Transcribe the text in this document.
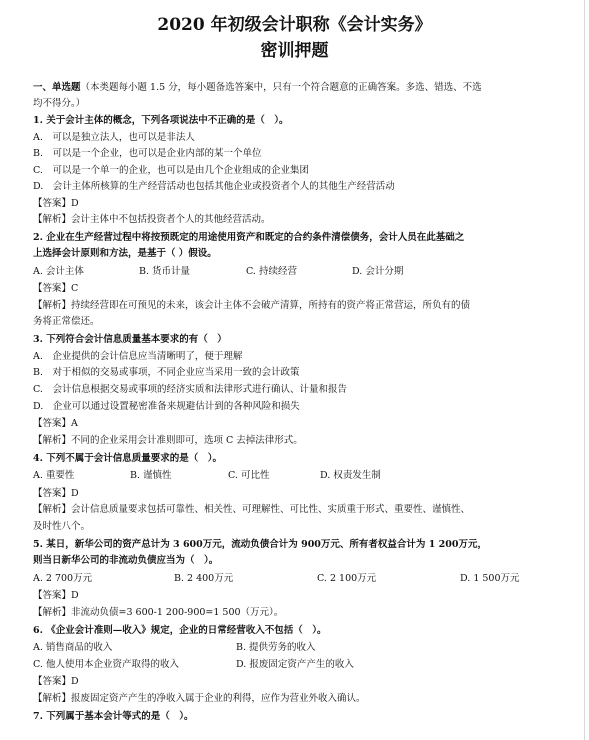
2020 年初级会计职称《会计实务》
密训押题
一、单选题（本类题每小题 1.5 分，每小题备选答案中，只有一个符合题意的正确答案。多选、错选、不选
均不得分。）
1. 关于会计主体的概念，下列各项说法中不正确的是（　）。
A.　可以是独立法人，也可以是非法人
B.　可以是一个企业，也可以是企业内部的某一个单位
C.　可以是一个单一的企业，也可以是由几个企业组成的企业集团
D.　会计主体所核算的生产经营活动也包括其他企业或投资者个人的其他生产经营活动
【答案】D
【解析】会计主体中不包括投资者个人的其他经营活动。
2. 企业在生产经营过程中将按预既定的用途使用资产和既定的合约条件清偿债务，会计人员在此基础之
上选择会计原则和方法，是基于（ ）假设。
A. 会计主体	B. 货币计量	C. 持续经营	D. 会计分期
【答案】C
【解析】持续经营即在可预见的未来，该会计主体不会破产清算，所持有的资产将正常营运，所负有的债
务将正常偿还。
3. 下列符合会计信息质量基本要求的有（　）
A.　企业提供的会计信息应当清晰明了，便于理解
B.　对于相似的交易或事项，不同企业应当采用一致的会计政策
C.　会计信息根据交易或事项的经济实质和法律形式进行确认、计量和报告
D.　企业可以通过设置秘密准备来规避估计到的各种风险和损失
【答案】A
【解析】不同的企业采用会计准则即可，选项 C 去掉法律形式。
4. 下列不属于会计信息质量要求的是（　）。
A. 重要性	B. 谨慎性	C. 可比性	D. 权责发生制
【答案】D
【解析】会计信息质量要求包括可靠性、相关性、可理解性、可比性、实质重于形式、重要性、谨慎性、
及时性八个。
5. 某日，新华公司的资产总计为 3 600万元，流动负债合计为 900万元、所有者权益合计为 1 200万元，
则当日新华公司的非流动负债应当为（　）。
A. 2 700万元	B. 2 400万元	C. 2 100万元	D. 1 500万元
【答案】D
【解析】非流动负债=3 600-1 200-900=1 500（万元）。
6. 《企业会计准则—收入》规定，企业的日常经营收入不包括（　）。
A. 销售商品的收入	B. 提供劳务的收入
C. 他人使用本企业资产取得的收入	D. 报废固定资产产生的收入
【答案】D
【解析】报废固定资产产生的净收入属于企业的利得，应作为营业外收入确认。
7. 下列属于基本会计等式的是（　）。
